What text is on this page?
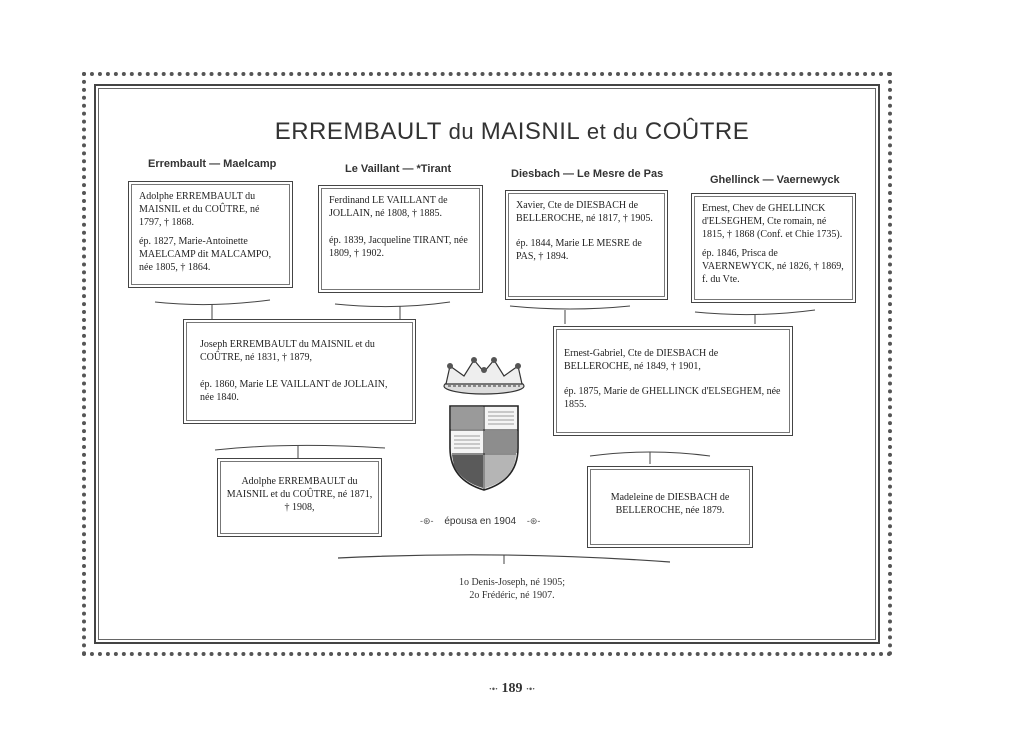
ERREMBAULT du MAISNIL et du COÛTRE
Errembault — Maelcamp	Le Vaillant — *Tirant	Diesbach — Le Mesre de Pas	Ghellinck — Vaernewyck

Adolphe ERREMBAULT du MAISNIL et du COÛTRE, né 1797, † 1868.

ép. 1827, Marie-Antoinette MAELCAMP dit MALCAMPO, née 1805, † 1864.

Ferdinand LE VAILLANT de JOLLAIN, né 1808, † 1885.

ép. 1839, Jacqueline TIRANT, née 1809, † 1902.

Xavier, Cte de DIESBACH de BELLEROCHE, né 1817, † 1905.

ép. 1844, Marie LE MESRE de PAS, † 1894.

Ernest, Chev de GHELLINCK d'ELSEGHEM, Cte romain, né 1815, † 1868 (Conf. et Chie 1735).

ép. 1846, Prisca de VAERNEWYCK, né 1826, † 1869, f. du Vte.

Joseph ERREMBAULT du MAISNIL et du COÛTRE, né 1831, † 1879,

ép. 1860, Marie LE VAILLANT de JOLLAIN, née 1840.

Ernest-Gabriel, Cte de DIESBACH de BELLEROCHE, né 1849, † 1901,

ép. 1875, Marie de GHELLINCK d'ELSEGHEM, née 1855.

Adolphe ERREMBAULT du MAISNIL et du COÛTRE, né 1871, † 1908,

Madeleine de DIESBACH de BELLEROCHE, née 1879.

-⊛- épousa en 1904 -⊛-
1o Denis-Joseph, né 1905;
2o Frédéric, né 1907.
·•· 189 ·•·
